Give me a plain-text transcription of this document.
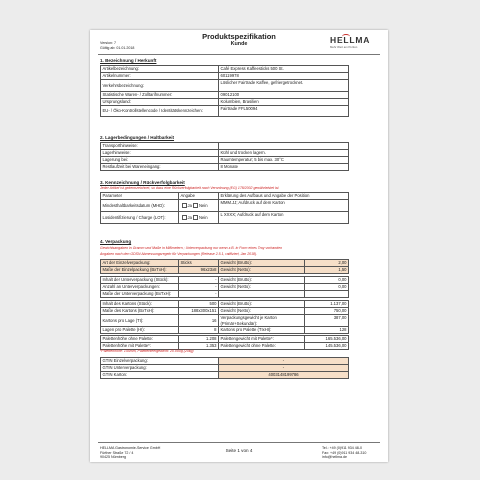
Version: 7
Gültig ab: 01.01.2018
Produktspezifikation
Kunde	HELLMA
Mehr Wert am Portion
1. Bezeichnung / Herkunft
Artikelbezeichnung:	Café Express Kaffeesticks 500 St.
Artikelnummer:	60119978
Verkehrsbezeichnung:	Löslicher Fairtrade Kaffee, gefriergetrocknet.
Statistische Waren- / Zolltarifnummer:	09012100
Ursprungsland:	Kolumbien, Brasilien
EU- / Öko-Kontrollstellencode / Identitätskennzeichen:	Fairtrade FFL50094
2. Lagerbedingungen / Haltbarkeit
Transporthinweise:	
Lagerhinweise:	Kühl und trocken lagern.
Lagerung bei:	Raumtemperatur; 5 bis max. 30°C
Restlaufzeit bei Wareneingang:	8 Monate
3. Kennzeichnung / Rückverfolgbarkeit
Jeder Artikel ist gekennzeichnet, so dass eine Rückverfolgbarkeit nach Verordnung (EG) 178/2002 gewährleistet ist.
Parameter	Angabe	Erklärung des Aufbaus und Angabe der Position
Mindesthaltbarkeitsdatum (MHD):	Ja Nein	MMM.JJ; Aufdruck auf dem Karton
Losidentifizierung / Charge (LOT):	Ja Nein	L XXXX; Aufdruck auf dem Karton
4. Verpackung
Gewichtsangaben in Gramm und Maße in Millimetern ; Unterverpackung nur wenn z.B. in Form eines Tray vorhanden
Angaben nach den GDSN Abmessungsregeln für Verpackungen (Release 2.5.1, ratifiziert, Jan 2018).
Art der Einzelverpackung:	Sticks	Gewicht (Brutto):	2,00
Maße der Einzelpackung (BxTxH):	96x23x8	Gewicht (Netto):	1,50
Inhalt der Unterverpackung (Stück):	-	Gewicht (Brutto):	0,00
Anzahl an Unterverpackungen:	-	Gewicht (Netto):	0,00
Maße der Unterverpackung (BxTxH):	-		
Inhalt des Kartons (Stück):	500	Gewicht (Brutto):	1.137,00
Maße des Kartons (BxTxH):	188x300x151	Gewicht (Netto):	750,00
Kartons pro Lage (TI):	16	Verpackungsgewicht je Karton (Primär+Sekundär):	387,00
Lagen pro Palette (HI):	8	Kartons pro Palette (TIxHI):	128
Palettenhöhe ohne Palette:	1.208	Palettengewicht mit Palette*:	165.536,00
Palettenhöhe mit Palette*:	1.353	Palettengewicht ohne Palette:	145.536,00
*Palettenhöhe: 145mm, Palettenleergewicht: 20.000g (20kg)
GTIN Einzelverpackung:	-
GTIN Unterverpackung:	-
GTIN Karton:	4003148199786
HELLMA Gastronomie-Service GmbH
Fürther Straße 72 / 4
90425 Nürnberg
Seite 1 von 4	Tel.: +49 (0)911 934 48-0
Fax: +49 (0)911 934 48-310
info@hellma.de
